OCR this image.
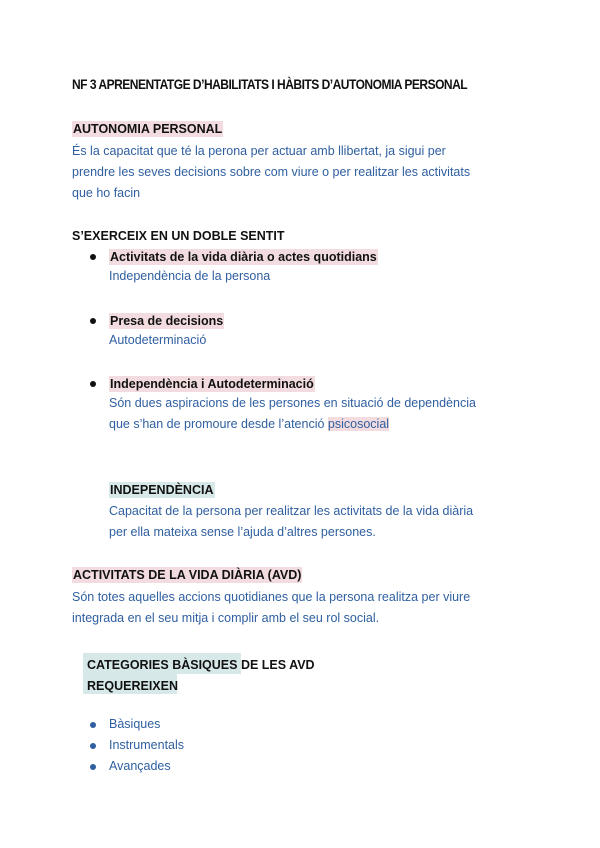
NF 3 APRENENTATGE D’HABILITATS I HÀBITS D’AUTONOMIA PERSONAL
AUTONOMIA PERSONAL
És la capacitat que té la perona per actuar amb llibertat, ja sigui per
prendre les seves decisions sobre com viure o per realitzar les activitats
que ho facin
S’EXERCEIX EN UN DOBLE SENTIT
Activitats de la vida diària o actes quotidians
Independència de la persona
Presa de decisions
Autodeterminació
Independència i Autodeterminació
Són dues aspiracions de les persones en situació de dependència
que s’han de promoure desde l’atenció psicosocial
INDEPENDÈNCIA
Capacitat de la persona per realitzar les activitats de la vida diària
per ella mateixa sense l’ajuda d’altres persones.
ACTIVITATS DE LA VIDA DIÀRIA (AVD)
Són totes aquelles accions quotidianes que la persona realitza per viure
integrada en el seu mitja i complir amb el seu rol social.
CATEGORIES BÀSIQUES DE LES AVD
REQUEREIXEN
Bàsiques
Instrumentals
Avançades
